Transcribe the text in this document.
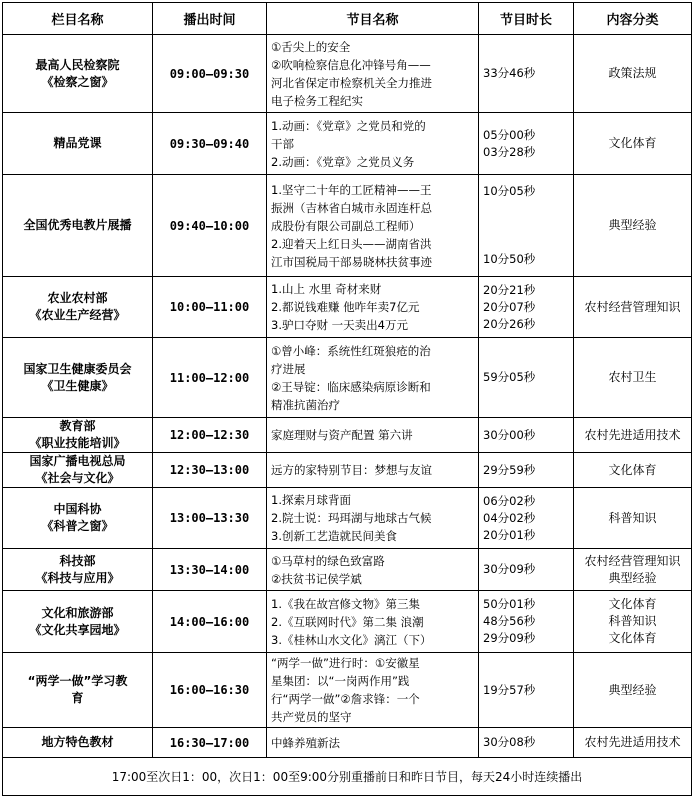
栏目名称	播出时间	节目名称	节目时长	内容分类

最高人民检察院
《检察之窗》	09:00—09:30	①舌尖上的安全
②吹响检察信息化冲锋号角——
河北省保定市检察机关全力推进
电子检务工程纪实	33分46秒	政策法规

精品党课	09:30—09:40	1.动画：《党章》之党员和党的
干部
2.动画：《党章》之党员义务	05分00秒
03分28秒	文化体育

全国优秀电教片展播	09:40—10:00	1.坚守二十年的工匠精神——王
振洲（吉林省白城市永固连杆总
成股份有限公司副总工程师）
2.迎着天上红日头——湖南省洪
江市国税局干部易晓林扶贫事迹	10分05秒
10分50秒	典型经验

农业农村部
《农业生产经营》	10:00—11:00	1.山上 水里 奇材来财
2.都说钱难赚 他咋年卖7亿元
3.驴口夺财 一天卖出4万元	20分21秒
20分07秒
20分26秒	农村经营管理知识

国家卫生健康委员会
《卫生健康》	11:00—12:00	①曾小峰：系统性红斑狼疮的治
疗进展
②王导锭：临床感染病原诊断和
精准抗菌治疗	59分05秒	农村卫生

教育部
《职业技能培训》	12:00—12:30	家庭理财与资产配置 第六讲	30分00秒	农村先进适用技术

国家广播电视总局
《社会与文化》	12:30—13:00	远方的家特别节目：梦想与友谊	29分59秒	文化体育

中国科协
《科普之窗》	13:00—13:30	1.探索月球背面
2.院士说：玛珥湖与地球古气候
3.创新工艺造就民间美食	06分02秒
04分02秒
20分01秒	科普知识

科技部
《科技与应用》	13:30—14:00	①马草村的绿色致富路
②扶贫书记侯学斌	30分09秒	农村经营管理知识
典型经验

文化和旅游部
《文化共享园地》	14:00—16:00	1.《我在故宫修文物》第三集
2.《互联网时代》第二集 浪潮
3.《桂林山水文化》漓江（下）	50分01秒
48分56秒
29分09秒	文化体育
科普知识
文化体育

“两学一做”学习教
育	16:00—16:30	“两学一做”进行时：①安徽星
星集团：以“一岗两作用”践
行“两学一做”②詹求锋：一个
共产党员的坚守	19分57秒	典型经验

地方特色教材	16:30—17:00	中蜂养殖新法	30分08秒	农村先进适用技术

17:00至次日1：00，次日1：00至9:00分别重播前日和昨日节目，每天24小时连续播出				
